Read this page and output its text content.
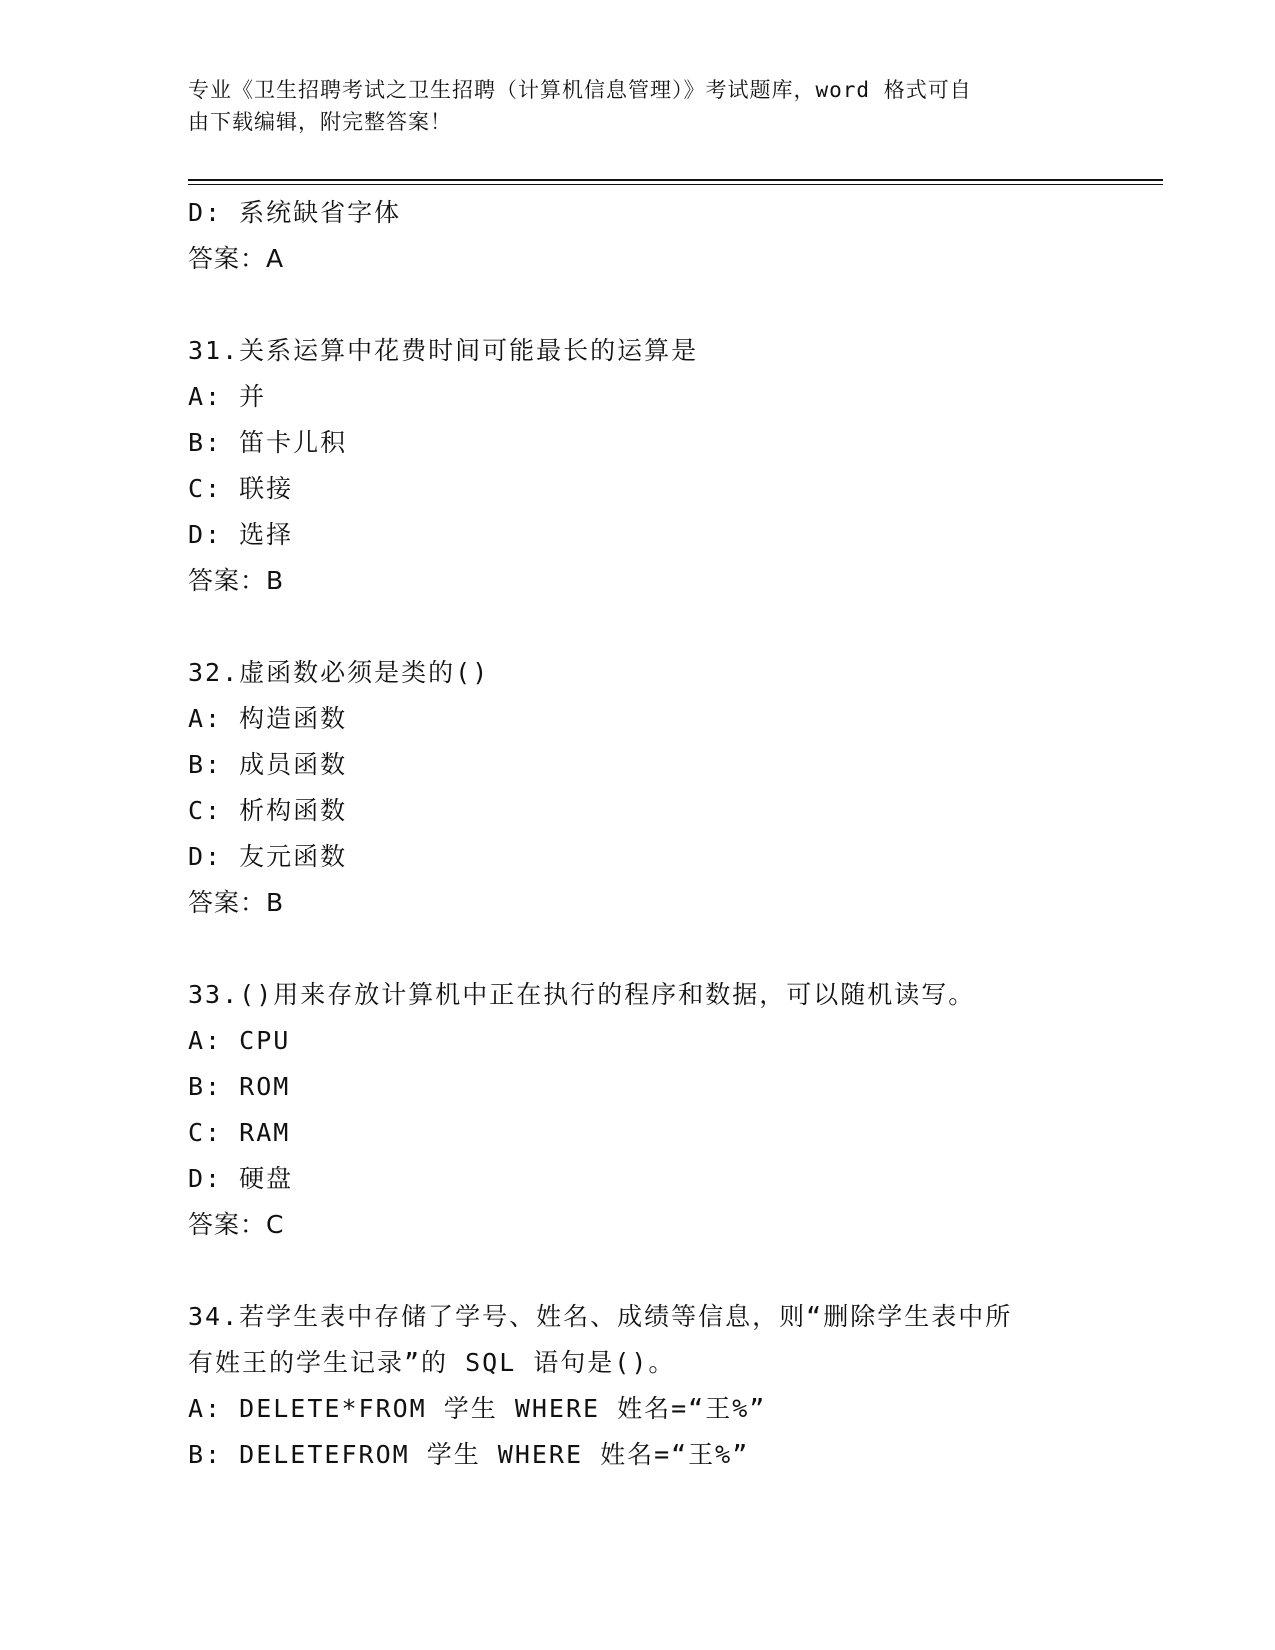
专业《卫生招聘考试之卫生招聘（计算机信息管理）》考试题库，word 格式可自
由下载编辑，附完整答案！
D: 系统缺省字体
答案：A
31.关系运算中花费时间可能最长的运算是
A: 并
B: 笛卡儿积
C: 联接
D: 选择
答案：B
32.虚函数必须是类的()
A: 构造函数
B: 成员函数
C: 析构函数
D: 友元函数
答案：B
33.()用来存放计算机中正在执行的程序和数据，可以随机读写。
A: CPU
B: ROM
C: RAM
D: 硬盘
答案：C
34.若学生表中存储了学号、姓名、成绩等信息，则“删除学生表中所
有姓王的学生记录”的 SQL 语句是()。
A: DELETE*FROM 学生 WHERE 姓名=“王%”
B: DELETEFROM 学生 WHERE 姓名=“王%”
